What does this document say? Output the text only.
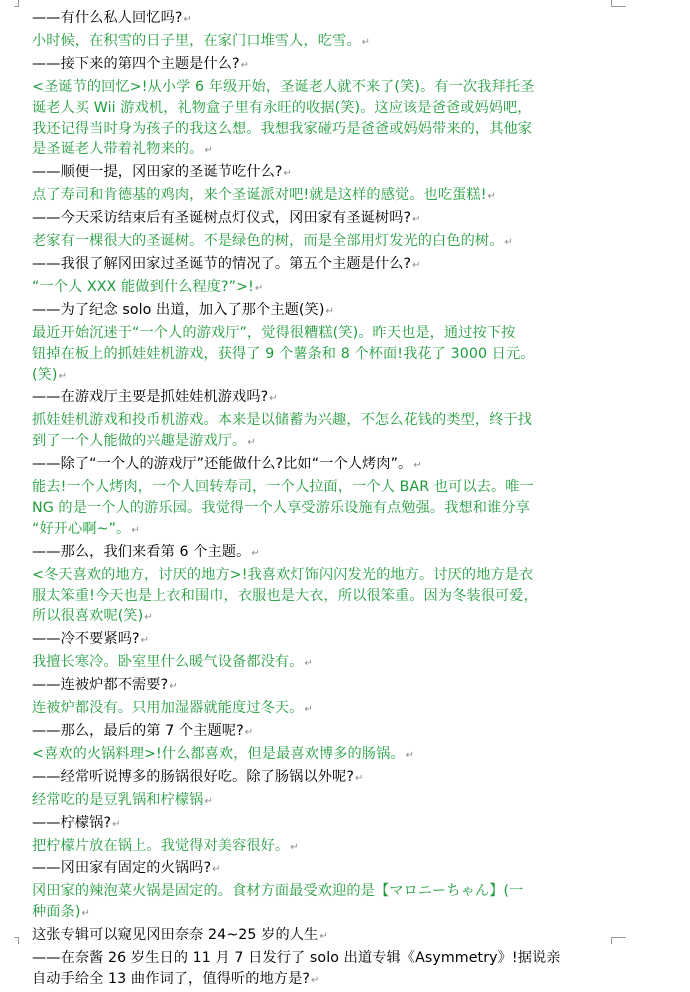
——有什么私人回忆吗?↵
小时候，在积雪的日子里，在家门口堆雪人，吃雪。↵
——接下来的第四个主题是什么?↵
<圣诞节的回忆>!从小学 6 年级开始，圣诞老人就不来了(笑)。有一次我拜托圣
诞老人买 Wii 游戏机，礼物盒子里有永旺的收据(笑)。这应该是爸爸或妈妈吧，
我还记得当时身为孩子的我这么想。我想我家碰巧是爸爸或妈妈带来的，其他家
是圣诞老人带着礼物来的。↵
——顺便一提，冈田家的圣诞节吃什么?↵
点了寿司和肯德基的鸡肉，来个圣诞派对吧!就是这样的感觉。也吃蛋糕!↵
——今天采访结束后有圣诞树点灯仪式，冈田家有圣诞树吗?↵
老家有一棵很大的圣诞树。不是绿色的树，而是全部用灯发光的白色的树。↵
——我很了解冈田家过圣诞节的情况了。第五个主题是什么?↵
“一个人 XXX 能做到什么程度?”>!↵
——为了纪念 solo 出道，加入了那个主题(笑)↵
最近开始沉迷于“一个人的游戏厅”，觉得很糟糕(笑)。昨天也是，通过按下按
钮掉在板上的抓娃娃机游戏，获得了 9 个薯条和 8 个杯面!我花了 3000 日元。
(笑)↵
——在游戏厅主要是抓娃娃机游戏吗?↵
抓娃娃机游戏和投币机游戏。本来是以储蓄为兴趣，不怎么花钱的类型，终于找
到了一个人能做的兴趣是游戏厅。↵
——除了“一个人的游戏厅”还能做什么?比如“一个人烤肉”。↵
能去!一个人烤肉，一个人回转寿司，一个人拉面，一个人 BAR 也可以去。唯一
NG 的是一个人的游乐园。我觉得一个人享受游乐设施有点勉强。我想和谁分享
“好开心啊~”。↵
——那么，我们来看第 6 个主题。↵
<冬天喜欢的地方，讨厌的地方>!我喜欢灯饰闪闪发光的地方。讨厌的地方是衣
服太笨重!今天也是上衣和围巾，衣服也是大衣，所以很笨重。因为冬装很可爱，
所以很喜欢呢(笑)↵
——冷不要紧吗?↵
我擅长寒冷。卧室里什么暖气设备都没有。↵
——连被炉都不需要?↵
连被炉都没有。只用加湿器就能度过冬天。↵
——那么，最后的第 7 个主题呢?↵
<喜欢的火锅料理>!什么都喜欢，但是最喜欢博多的肠锅。↵
——经常听说博多的肠锅很好吃。除了肠锅以外呢?↵
经常吃的是豆乳锅和柠檬锅↵
——柠檬锅?↵
把柠檬片放在锅上。我觉得对美容很好。↵
——冈田家有固定的火锅吗?↵
冈田家的辣泡菜火锅是固定的。食材方面最受欢迎的是【マロニーちゃん】(一
种面条)↵
这张专辑可以窥见冈田奈奈 24~25 岁的人生↵
——在奈酱 26 岁生日的 11 月 7 日发行了 solo 出道专辑《Asymmetry》!据说亲
自动手给全 13 曲作词了，值得听的地方是?↵
